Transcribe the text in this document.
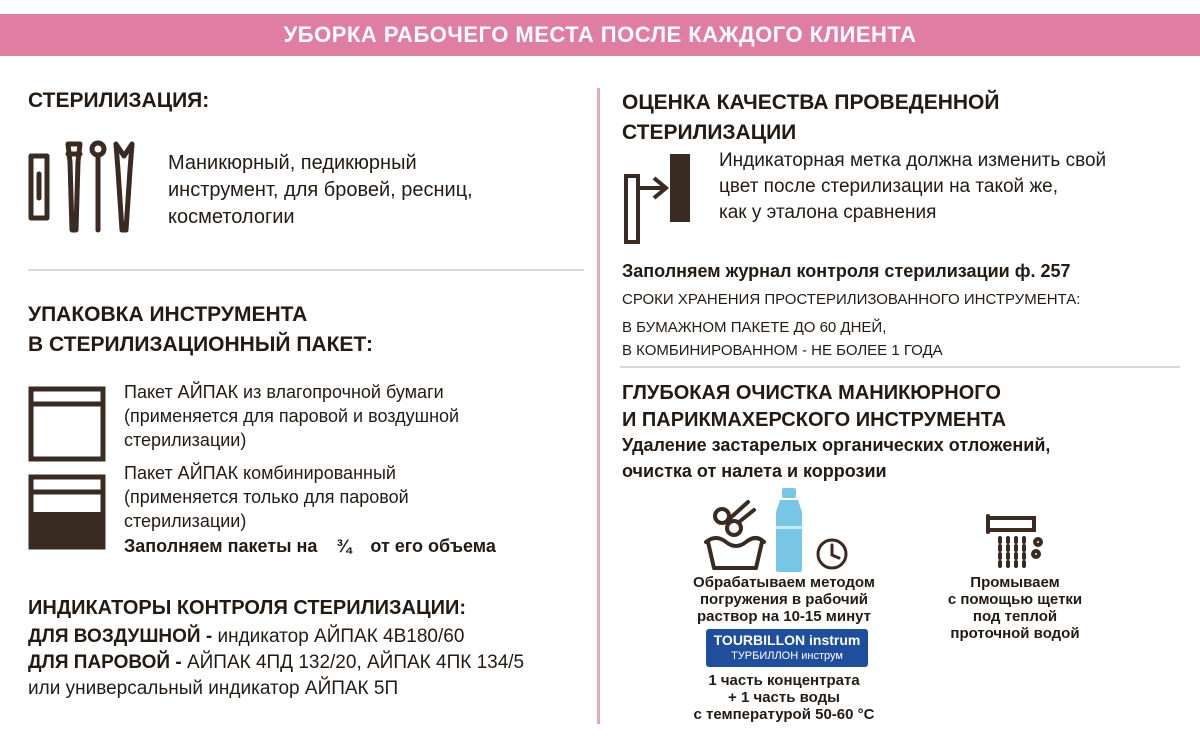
УБОРКА РАБОЧЕГО МЕСТА ПОСЛЕ КАЖДОГО КЛИЕНТА
СТЕРИЛИЗАЦИЯ:
Маникюрный, педикюрный
инструмент, для бровей, ресниц,
косметологии
УПАКОВКА ИНСТРУМЕНТА
В СТЕРИЛИЗАЦИОННЫЙ ПАКЕТ:
Пакет АЙПАК из влагопрочной бумаги
(применяется для паровой и воздушной
стерилизации)
Пакет АЙПАК комбинированный
(применяется только для паровой
стерилизации)
Заполняем пакеты на ¾ от его объема
ИНДИКАТОРЫ КОНТРОЛЯ СТЕРИЛИЗАЦИИ:
ДЛЯ ВОЗДУШНОЙ - индикатор АЙПАК 4В180/60
ДЛЯ ПАРОВОЙ - АЙПАК 4ПД 132/20, АЙПАК 4ПК 134/5
или универсальный индикатор АЙПАК 5П
ОЦЕНКА КАЧЕСТВА ПРОВЕДЕННОЙ
СТЕРИЛИЗАЦИИ
Индикаторная метка должна изменить свой
цвет после стерилизации на такой же,
как у эталона сравнения
Заполняем журнал контроля стерилизации ф. 257
СРОКИ ХРАНЕНИЯ ПРОСТЕРИЛИЗОВАННОГО ИНСТРУМЕНТА:
В БУМАЖНОМ ПАКЕТЕ ДО 60 ДНЕЙ,
В КОМБИНИРОВАННОМ - НЕ БОЛЕЕ 1 ГОДА
ГЛУБОКАЯ ОЧИСТКА МАНИКЮРНОГО
И ПАРИКМАХЕРСКОГО ИНСТРУМЕНТА
Удаление застарелых органических отложений,
очистка от налета и коррозии
Обрабатываем методом
погружения в рабочий
раствор на 10-15 минут
TOURBILLON instrum
ТУРБИЛЛОН инструм
1 часть концентрата
+ 1 часть воды
с температурой 50-60 °С
Промываем
с помощью щетки
под теплой
проточной водой
